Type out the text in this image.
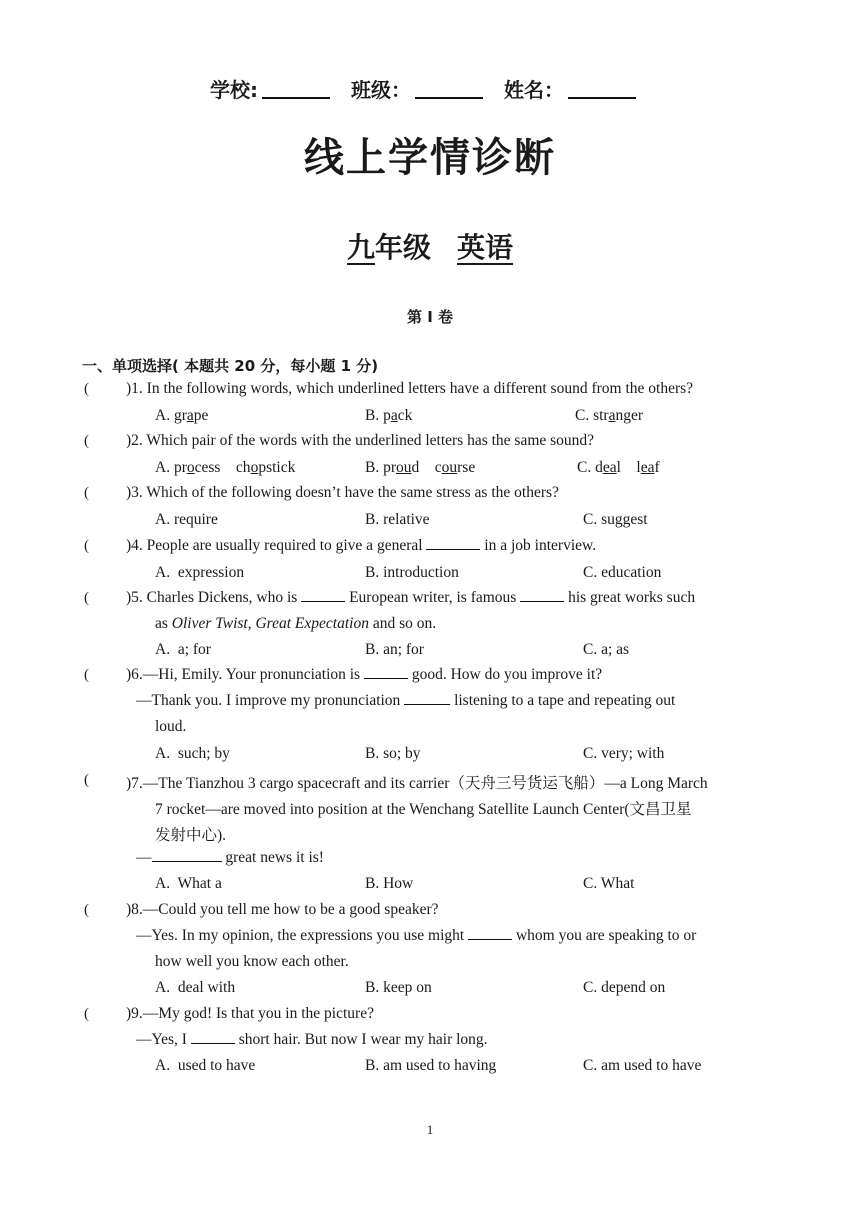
学校:	班级：	姓名：
线上学情诊断
九年级 英语
第 I 卷
一、单项选择( 本题共 20 分，每小题 1 分)
( )1. In the following words, which underlined letters have a different sound from the others?
A. grape	B. pack	C. stranger
( )2. Which pair of the words with the underlined letters has the same sound?
A. process    chopstick	B. proud    course	C. deal    leaf
( )3. Which of the following doesn’t have the same stress as the others?
A. require	B. relative	C. suggest
( )4. People are usually required to give a general	in a job interview.
A.  expression	B. introduction	C. education
( )5. Charles Dickens, who is	European writer, is famous	his great works such
as Oliver Twist, Great Expectation and so on.
A.  a; for	B. an; for	C. a; as
( )6.—Hi, Emily. Your pronunciation is	good. How do you improve it?
—Thank you. I improve my pronunciation	listening to a tape and repeating out
loud.
A.  such; by	B. so; by	C. very; with
( )7.—The Tianzhou 3 cargo spacecraft and its carrier（天舟三号货运飞船）—a Long March
7 rocket—are moved into position at the Wenchang Satellite Launch Center(文昌卫星
发射中心).
—	great news it is!
A.  What a	B. How	C. What
( )8.—Could you tell me how to be a good speaker?
—Yes. In my opinion, the expressions you use might	whom you are speaking to or
how well you know each other.
A.  deal with	B. keep on	C. depend on
( )9.—My god! Is that you in the picture?
—Yes, I	short hair. But now I wear my hair long.
A.  used to have	B. am used to having	C. am used to have
1
